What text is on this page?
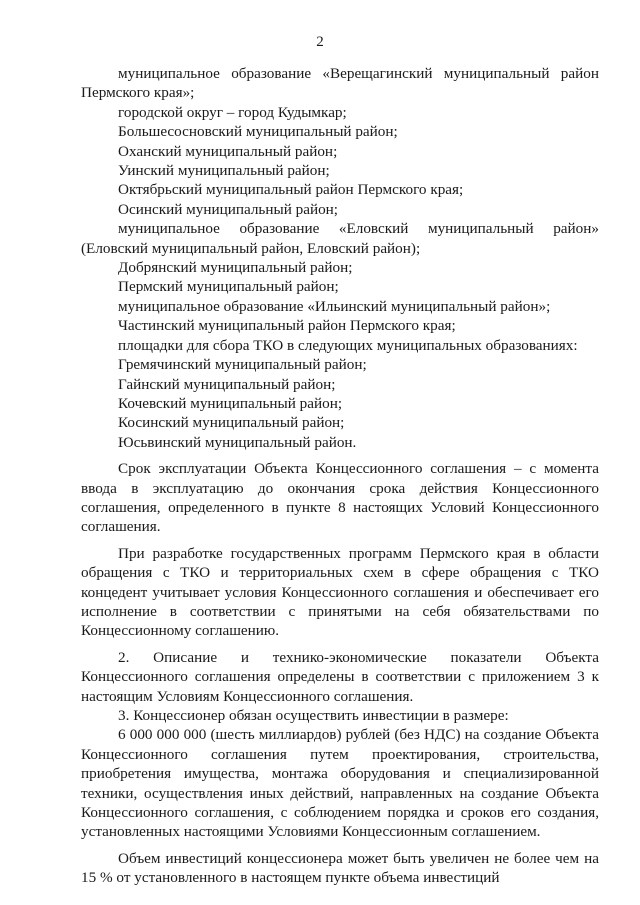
2

муниципальное образование «Верещагинский муниципальный район Пермского края»;

городской округ – город Кудымкар;

Большесосновский муниципальный район;

Оханский муниципальный район;

Уинский муниципальный район;

Октябрьский муниципальный район Пермского края;

Осинский муниципальный район;

муниципальное образование «Еловский муниципальный район» (Еловский муниципальный район, Еловский район);

Добрянский муниципальный район;

Пермский муниципальный район;

муниципальное образование «Ильинский муниципальный район»;

Частинский муниципальный район Пермского края;

площадки для сбора ТКО в следующих муниципальных образованиях:

Гремячинский муниципальный район;

Гайнский муниципальный район;

Кочевский муниципальный район;

Косинский муниципальный район;

Юсьвинский муниципальный район.

Срок эксплуатации Объекта Концессионного соглашения – с момента ввода в эксплуатацию до окончания срока действия Концессионного соглашения, определенного в пункте 8 настоящих Условий Концессионного соглашения.

При разработке государственных программ Пермского края в области обращения с ТКО и территориальных схем в сфере обращения с ТКО концедент учитывает условия Концессионного соглашения и обеспечивает его исполнение в соответствии с принятыми на себя обязательствами по Концессионному соглашению.

2. Описание и технико-экономические показатели Объекта Концессионного соглашения определены в соответствии с приложением 3 к настоящим Условиям Концессионного соглашения.

3. Концессионер обязан осуществить инвестиции в размере:

6 000 000 000 (шесть миллиардов) рублей (без НДС) на создание Объекта Концессионного соглашения путем проектирования, строительства, приобретения имущества, монтажа оборудования и специализированной техники, осуществления иных действий, направленных на создание Объекта Концессионного соглашения, с соблюдением порядка и сроков его создания, установленных настоящими Условиями Концессионным соглашением.

Объем инвестиций концессионера может быть увеличен не более чем на 15 % от установленного в настоящем пункте объема инвестиций
